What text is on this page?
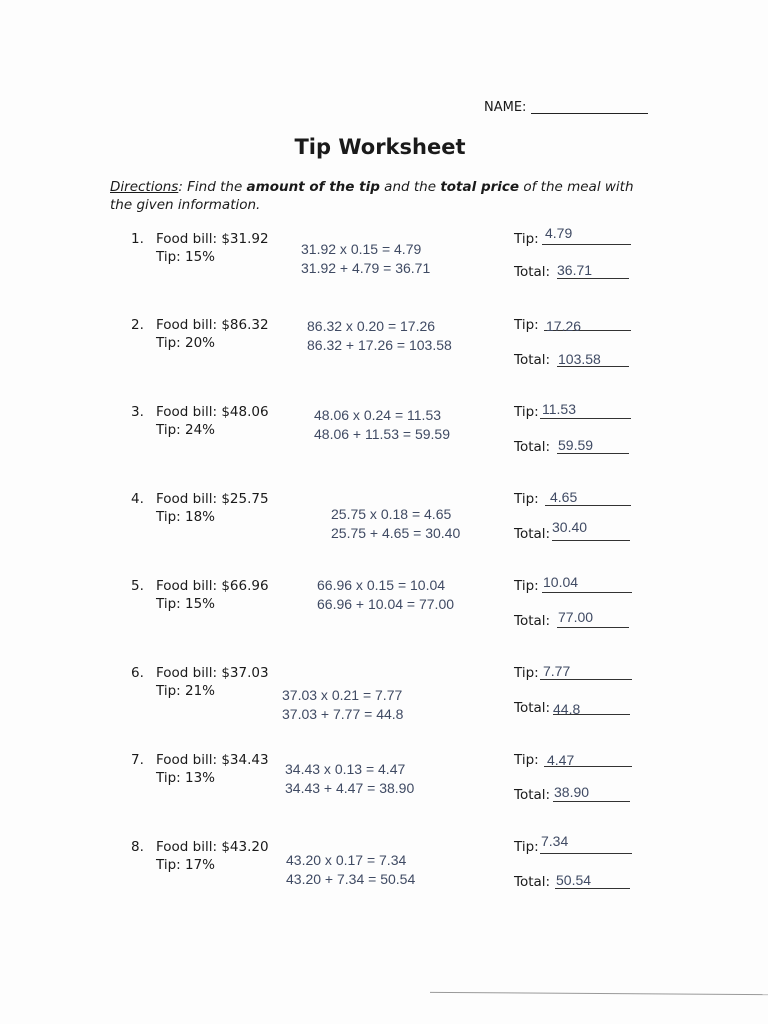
NAME:
Tip Worksheet
Directions: Find the amount of the tip and the total price of the meal with the given information.
1. Food bill: $31.92
Tip: 15%	31.92 x 0.15 = 4.79
31.92 + 4.79 = 36.71
Tip: 4.79
Total: 36.71
2. Food bill: $86.32
Tip: 20%
86.32 x 0.20 = 17.26
86.32 + 17.26 = 103.58
Tip: 17.26
Total: 103.58
3. Food bill: $48.06
Tip: 24%
48.06 x 0.24 = 11.53
48.06 + 11.53 = 59.59
Tip: 11.53
Total: 59.59
4. Food bill: $25.75
Tip: 18%	25.75 x 0.18 = 4.65
25.75 + 4.65 = 30.40
Tip: 4.65
Total: 30.40
5. Food bill: $66.96
Tip: 15%
66.96 x 0.15 = 10.04
66.96 + 10.04 = 77.00
Tip: 10.04
Total: 77.00
6. Food bill: $37.03
Tip: 21%	37.03 x 0.21 = 7.77
37.03 + 7.77 = 44.8
Tip: 7.77
Total: 44.8
7. Food bill: $34.43
Tip: 13%
34.43 x 0.13 = 4.47
34.43 + 4.47 = 38.90
Tip: 4.47
Total: 38.90
8. Food bill: $43.20
Tip: 17%	43.20 x 0.17 = 7.34
43.20 + 7.34 = 50.54
Tip: 7.34
Total: 50.54
